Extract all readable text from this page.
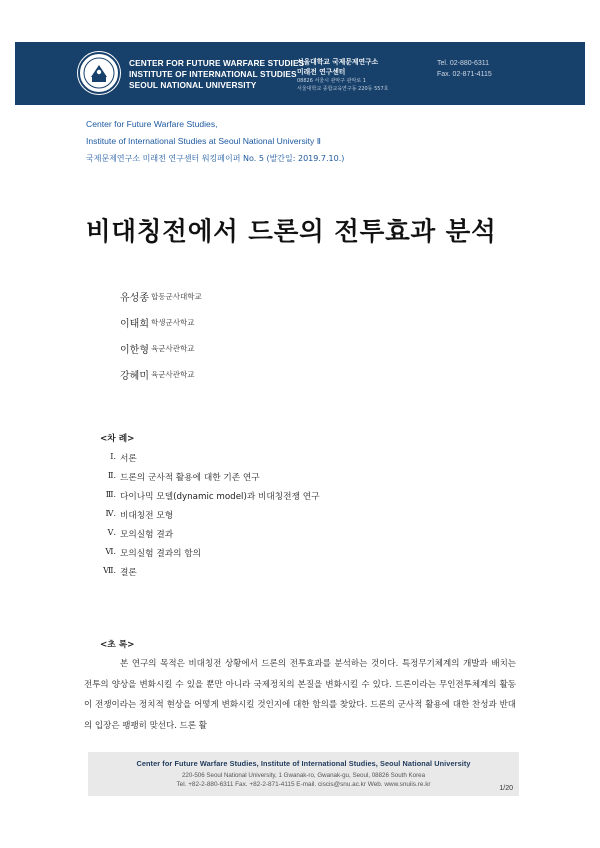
CENTER FOR FUTURE WARFARE STUDIES
INSTITUTE OF INTERNATIONAL STUDIES
SEOUL NATIONAL UNIVERSITY
서울대학교 국제문제연구소
미래전 연구센터
08826 서울시 관악구 관악로 1
서울대학교 종합교육연구동 220동 557호
Tel. 02-880-6311
Fax. 02-871-4115
Center for Future Warfare Studies,
Institute of International Studies at Seoul National University Ⅱ
국제문제연구소 미래전 연구센터 워킹페이퍼 No. 5 (발간일: 2019.7.10.)
비대칭전에서 드론의 전투효과 분석
유성종 합동군사대학교
이태희 학생군사학교
이한형 육군사관학교
강혜미 육군사관학교
<차 례>
Ⅰ. 서론
Ⅱ. 드론의 군사적 활용에 대한 기존 연구
Ⅲ. 다이나믹 모델(dynamic model)과 비대칭전쟁 연구
Ⅳ. 비대칭전 모형
Ⅴ. 모의실험 결과
Ⅵ. 모의실험 결과의 함의
Ⅶ. 결론
<초 록>

본 연구의 목적은 비대칭전 상황에서 드론의 전투효과를 분석하는 것이다. 특정무기체계의 개발과 배치는 전투의 양상을 변화시킬 수 있을 뿐만 아니라 국제정치의 본질을 변화시킬 수 있다. 드론이라는 무인전투체계의 활동이 전쟁이라는 정치적 현상을 어떻게 변화시킬 것인지에 대한 함의를 찾았다. 드론의 군사적 활용에 대한 찬성과 반대의 입장은 팽팽히 맞선다. 드론 활

Center for Future Warfare Studies, Institute of International Studies, Seoul National University
220-506 Seoul National University, 1 Gwanak-ro, Gwanak-gu, Seoul, 08826 South Korea
Tel. +82-2-880-6311 Fax. +82-2-871-4115 E-mail. ciscis@snu.ac.kr Web. www.snuiis.re.kr
1/20
